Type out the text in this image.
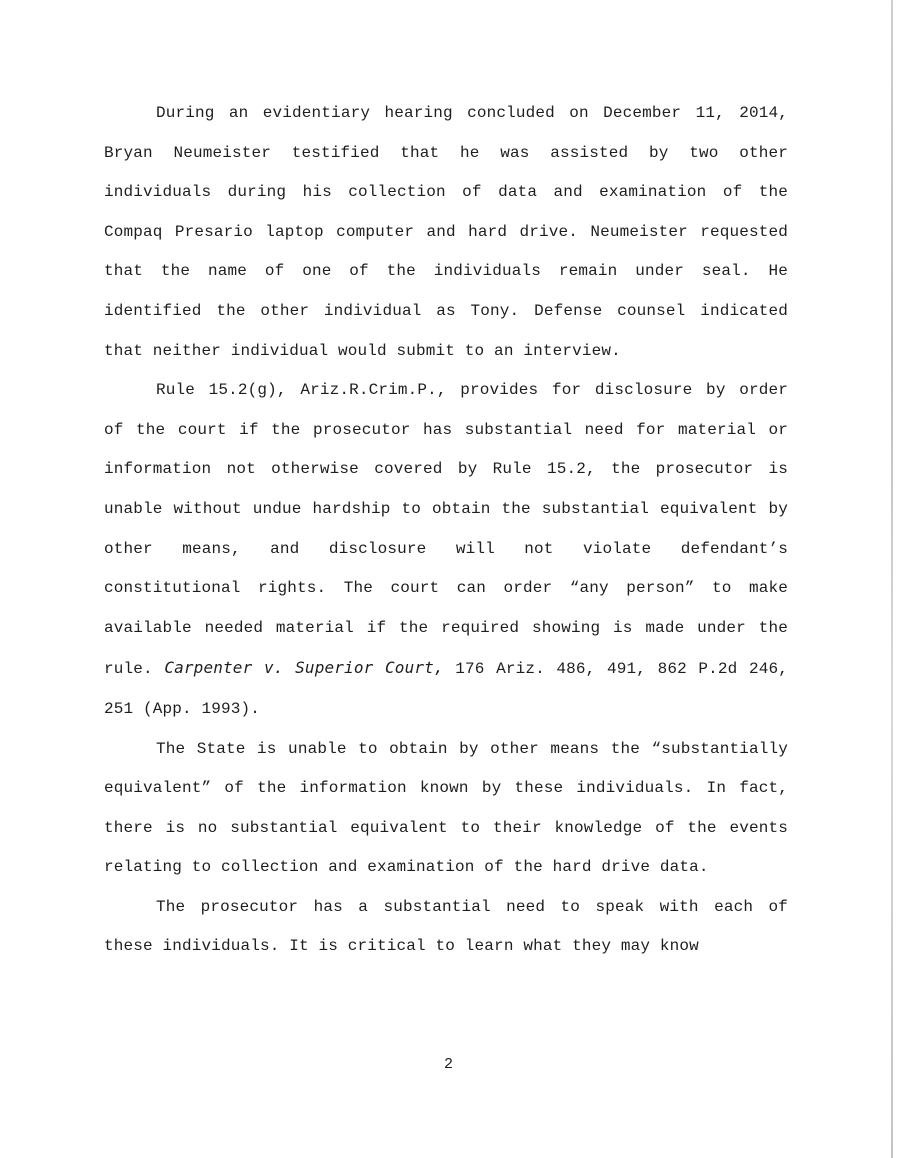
During an evidentiary hearing concluded on December 11, 2014, Bryan Neumeister testified that he was assisted by two other individuals during his collection of data and examination of the Compaq Presario laptop computer and hard drive. Neumeister requested that the name of one of the individuals remain under seal. He identified the other individual as Tony. Defense counsel indicated that neither individual would submit to an interview.

Rule 15.2(g), Ariz.R.Crim.P., provides for disclosure by order of the court if the prosecutor has substantial need for material or information not otherwise covered by Rule 15.2, the prosecutor is unable without undue hardship to obtain the substantial equivalent by other means, and disclosure will not violate defendant’s constitutional rights. The court can order “any person” to make available needed material if the required showing is made under the rule. Carpenter v. Superior Court, 176 Ariz. 486, 491, 862 P.2d 246, 251 (App. 1993).

The State is unable to obtain by other means the “substantially equivalent” of the information known by these individuals. In fact, there is no substantial equivalent to their knowledge of the events relating to collection and examination of the hard drive data.

The prosecutor has a substantial need to speak with each of these individuals. It is critical to learn what they may know

2
